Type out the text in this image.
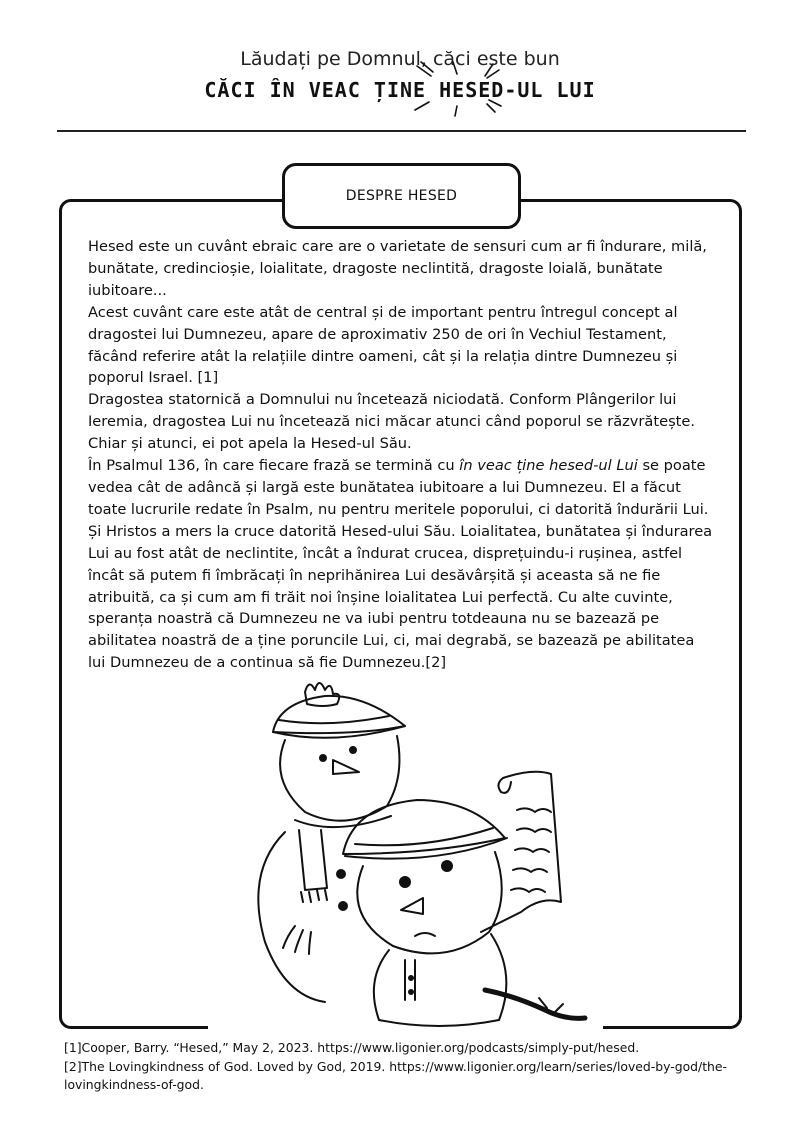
Lăudați pe Domnul, căci este bun
CĂCI ÎN VEAC ȚINE HESED-UL LUI
DESPRE HESED

Hesed este un cuvânt ebraic care are o varietate de sensuri cum ar fi îndurare, milă, bunătate, credincioșie, loialitate, dragoste neclintită, dragoste loială, bunătate iubitoare...

Acest cuvânt care este atât de central și de important pentru întregul concept al dragostei lui Dumnezeu, apare de aproximativ 250 de ori în Vechiul Testament, făcând referire atât la relațiile dintre oameni, cât și la relația dintre Dumnezeu și poporul Israel. [1]

Dragostea statornică a Domnului nu încetează niciodată. Conform Plângerilor lui Ieremia, dragostea Lui nu încetează nici măcar atunci când poporul se răzvrătește. Chiar și atunci, ei pot apela la Hesed-ul Său.

În Psalmul 136, în care fiecare frază se termină cu în veac ține hesed-ul Lui se poate vedea cât de adâncă și largă este bunătatea iubitoare a lui Dumnezeu. El a făcut toate lucrurile redate în Psalm, nu pentru meritele poporului, ci datorită îndurării Lui.

Și Hristos a mers la cruce datorită Hesed-ului Său. Loialitatea, bunătatea și îndurarea Lui au fost atât de neclintite, încât a îndurat crucea, disprețuindu-i rușinea, astfel încât să putem fi îmbrăcați în neprihănirea Lui desăvârșită și aceasta să ne fie atribuită, ca și cum am fi trăit noi înșine loialitatea Lui perfectă. Cu alte cuvinte, speranța noastră că Dumnezeu ne va iubi pentru totdeauna nu se bazează pe abilitatea noastră de a ține poruncile Lui, ci, mai degrabă, se bazează pe abilitatea lui Dumnezeu de a continua să fie Dumnezeu.[2]

[1]Cooper, Barry. “Hesed,” May 2, 2023. https://www.ligonier.org/podcasts/simply-put/hesed.

[2]The Lovingkindness of God. Loved by God, 2019. https://www.ligonier.org/learn/series/loved-by-god/the-lovingkindness-of-god.
